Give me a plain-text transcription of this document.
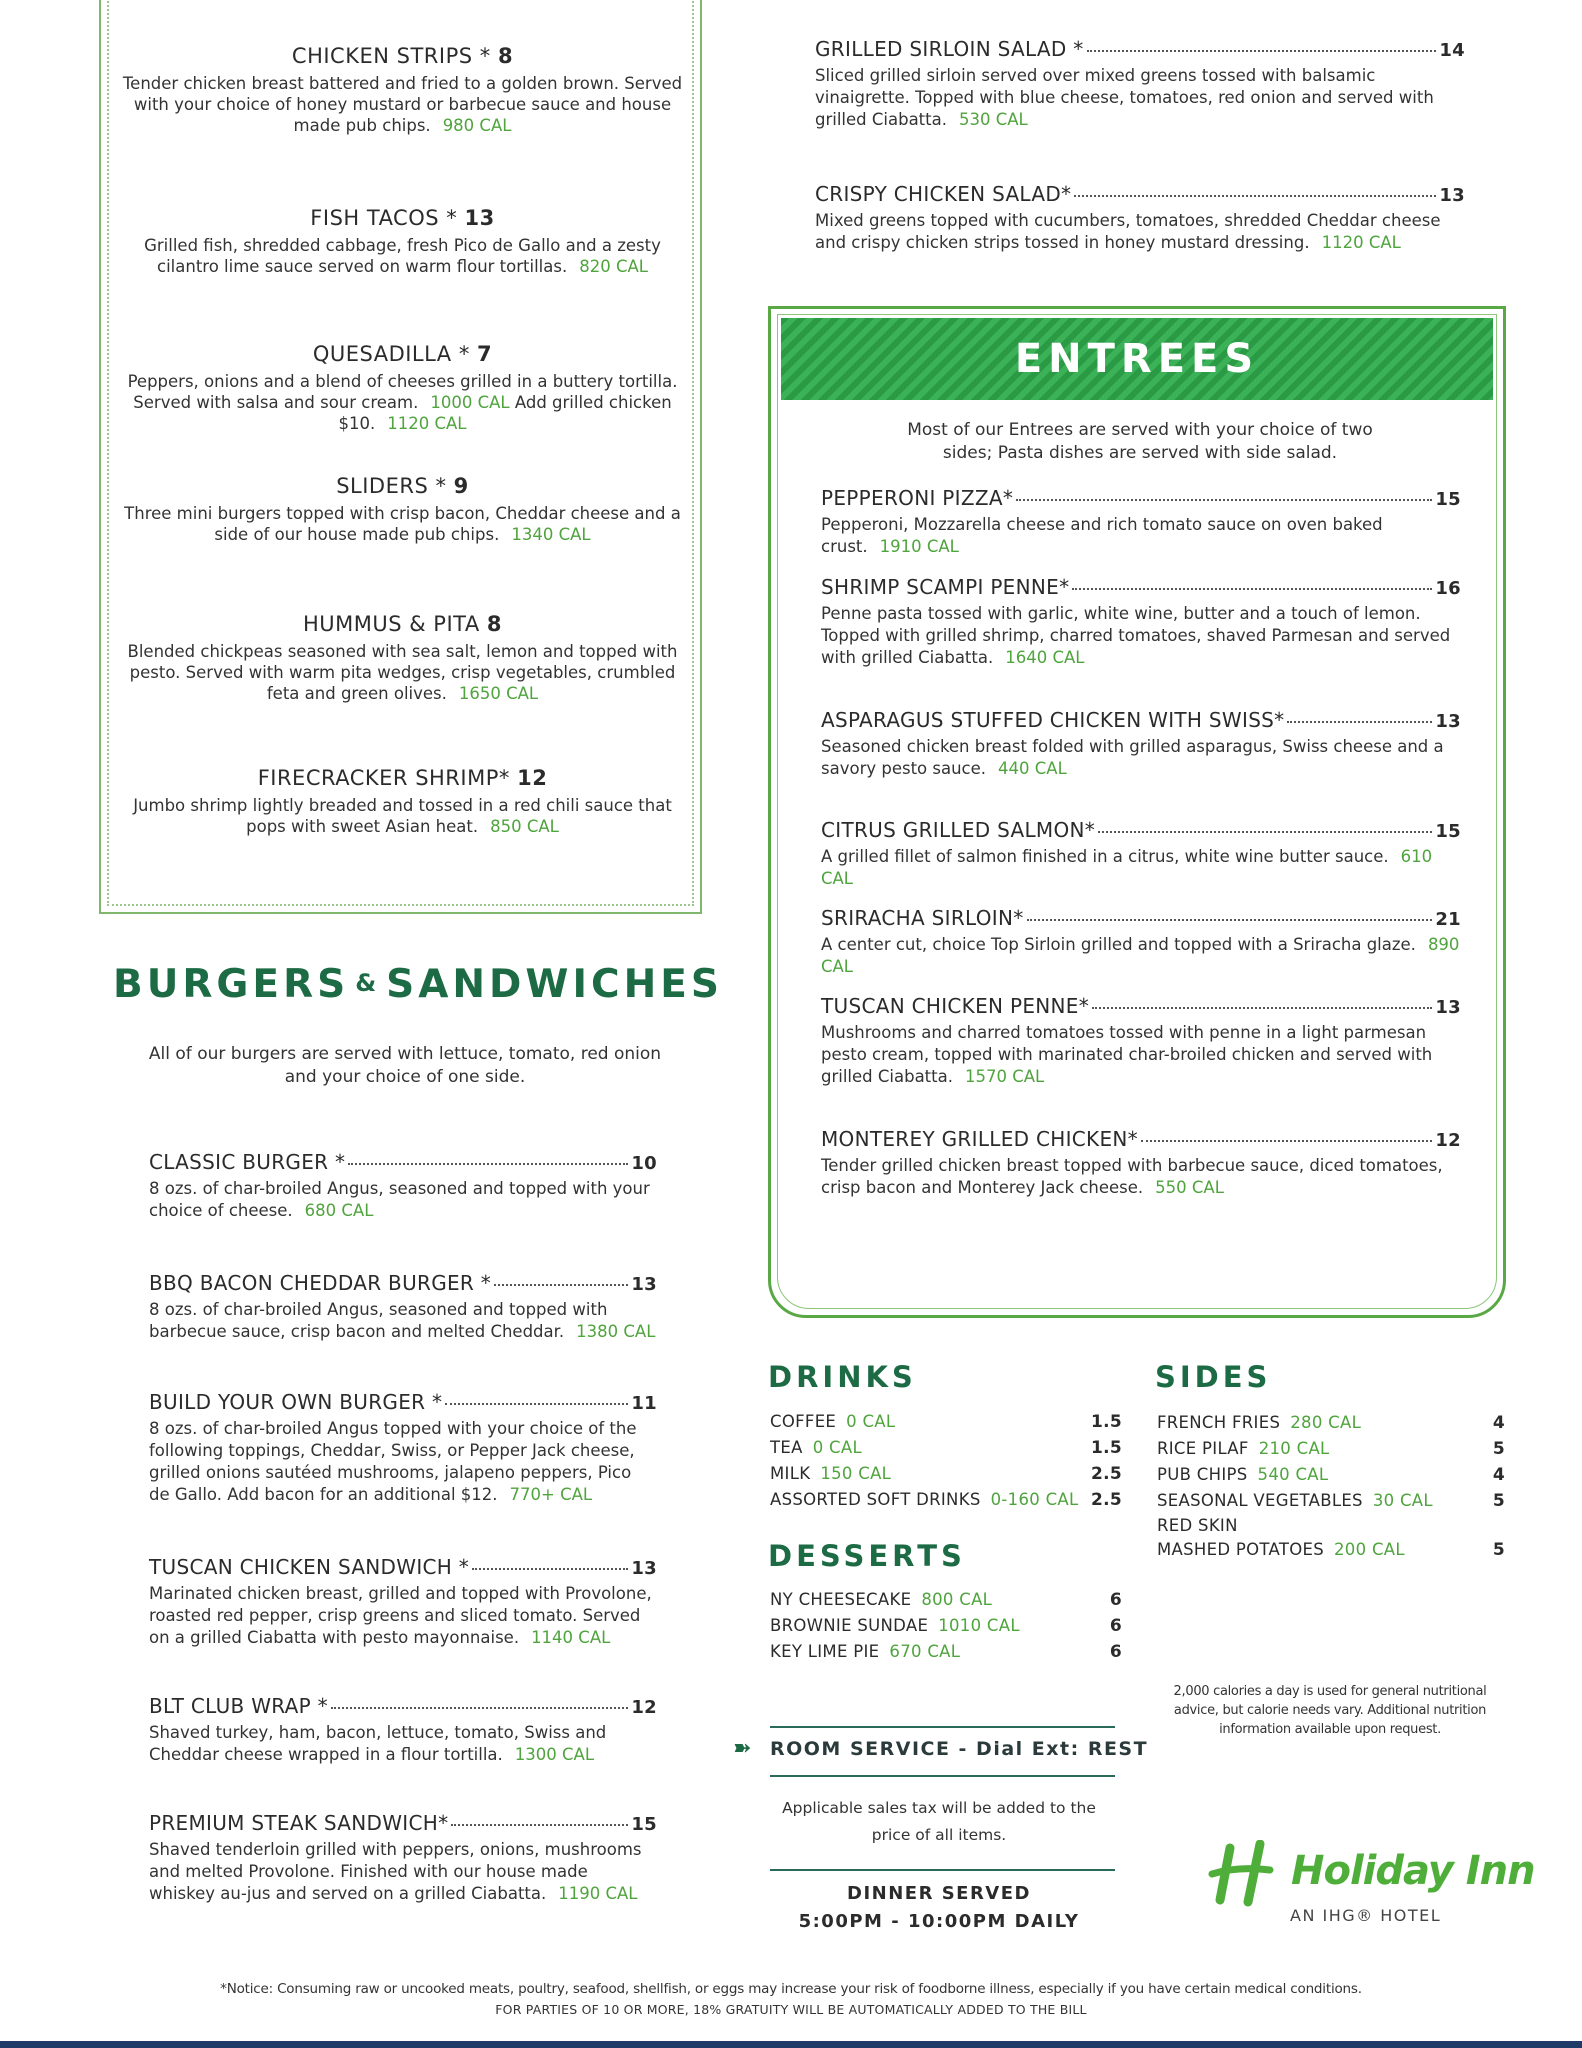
CHICKEN STRIPS * 8
Tender chicken breast battered and fried to a golden brown. Served with your choice of honey mustard or barbecue sauce and house made pub chips. 980 CAL
FISH TACOS * 13
Grilled fish, shredded cabbage, fresh Pico de Gallo and a zesty cilantro lime sauce served on warm flour tortillas. 820 CAL
QUESADILLA * 7
Peppers, onions and a blend of cheeses grilled in a buttery tortilla. Served with salsa and sour cream. 1000 CAL Add grilled chicken $10. 1120 CAL
SLIDERS * 9
Three mini burgers topped with crisp bacon, Cheddar cheese and a side of our house made pub chips. 1340 CAL
HUMMUS & PITA 8
Blended chickpeas seasoned with sea salt, lemon and topped with pesto. Served with warm pita wedges, crisp vegetables, crumbled feta and green olives. 1650 CAL
FIRECRACKER SHRIMP* 12
Jumbo shrimp lightly breaded and tossed in a red chili sauce that pops with sweet Asian heat. 850 CAL
BURGERS & SANDWICHES
All of our burgers are served with lettuce, tomato, red onion and your choice of one side.
CLASSIC BURGER *	10
8 ozs. of char-broiled Angus, seasoned and topped with your choice of cheese. 680 CAL
BBQ BACON CHEDDAR BURGER *	13
8 ozs. of char-broiled Angus, seasoned and topped with barbecue sauce, crisp bacon and melted Cheddar. 1380 CAL
BUILD YOUR OWN BURGER *	11
8 ozs. of char-broiled Angus topped with your choice of the following toppings, Cheddar, Swiss, or Pepper Jack cheese, grilled onions sautéed mushrooms, jalapeno peppers, Pico de Gallo. Add bacon for an additional $12. 770+ CAL
TUSCAN CHICKEN SANDWICH *	13
Marinated chicken breast, grilled and topped with Provolone, roasted red pepper, crisp greens and sliced tomato. Served on a grilled Ciabatta with pesto mayonnaise. 1140 CAL
BLT CLUB WRAP *	12
Shaved turkey, ham, bacon, lettuce, tomato, Swiss and Cheddar cheese wrapped in a flour tortilla. 1300 CAL
PREMIUM STEAK SANDWICH*	15
Shaved tenderloin grilled with peppers, onions, mushrooms and melted Provolone. Finished with our house made whiskey au-jus and served on a grilled Ciabatta. 1190 CAL
GRILLED SIRLOIN SALAD *	14
Sliced grilled sirloin served over mixed greens tossed with balsamic vinaigrette. Topped with blue cheese, tomatoes, red onion and served with grilled Ciabatta. 530 CAL
CRISPY CHICKEN SALAD*	13
Mixed greens topped with cucumbers, tomatoes, shredded Cheddar cheese and crispy chicken strips tossed in honey mustard dressing. 1120 CAL
ENTREES
Most of our Entrees are served with your choice of two sides; Pasta dishes are served with side salad.
PEPPERONI PIZZA*	15
Pepperoni, Mozzarella cheese and rich tomato sauce on oven baked crust. 1910 CAL
SHRIMP SCAMPI PENNE*	16
Penne pasta tossed with garlic, white wine, butter and a touch of lemon. Topped with grilled shrimp, charred tomatoes, shaved Parmesan and served with grilled Ciabatta. 1640 CAL
ASPARAGUS STUFFED CHICKEN WITH SWISS*	13
Seasoned chicken breast folded with grilled asparagus, Swiss cheese and a savory pesto sauce. 440 CAL
CITRUS GRILLED SALMON*	15
A grilled fillet of salmon finished in a citrus, white wine butter sauce. 610 CAL
SRIRACHA SIRLOIN*	21
A center cut, choice Top Sirloin grilled and topped with a Sriracha glaze. 890 CAL
TUSCAN CHICKEN PENNE*	13
Mushrooms and charred tomatoes tossed with penne in a light parmesan pesto cream, topped with marinated char-broiled chicken and served with grilled Ciabatta. 1570 CAL
MONTEREY GRILLED CHICKEN*	12
Tender grilled chicken breast topped with barbecue sauce, diced tomatoes, crisp bacon and Monterey Jack cheese. 550 CAL
DRINKS
COFFEE 0 CAL	1.5
TEA 0 CAL	1.5
MILK 150 CAL	2.5
ASSORTED SOFT DRINKS 0-160 CAL 2.5
DESSERTS
NY CHEESECAKE 800 CAL	6
BROWNIE SUNDAE 1010 CAL	6
KEY LIME PIE 670 CAL	6
SIDES
FRENCH FRIES 280 CAL	4
RICE PILAF 210 CAL	5
PUB CHIPS 540 CAL	4
SEASONAL VEGETABLES 30 CAL	5
RED SKIN
MASHED POTATOES 200 CAL	5
2,000 calories a day is used for general nutritional advice, but calorie needs vary. Additional nutrition information available upon request.
➽ ROOM SERVICE - Dial Ext: REST
Applicable sales tax will be added to the price of all items.
DINNER SERVED
5:00PM - 10:00PM DAILY
Holiday Inn
AN IHG® HOTEL
*Notice: Consuming raw or uncooked meats, poultry, seafood, shellfish, or eggs may increase your risk of foodborne illness, especially if you have certain medical conditions.
FOR PARTIES OF 10 OR MORE, 18% GRATUITY WILL BE AUTOMATICALLY ADDED TO THE BILL
